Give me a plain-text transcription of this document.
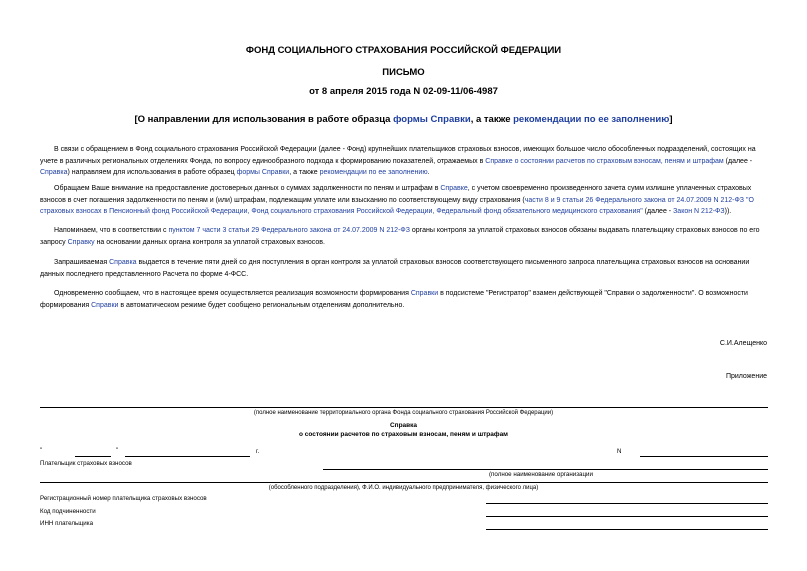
ФОНД СОЦИАЛЬНОГО СТРАХОВАНИЯ РОССИЙСКОЙ ФЕДЕРАЦИИ
ПИСЬМО
от 8 апреля 2015 года N 02-09-11/06-4987
[О направлении для использования в работе образца формы Справки, а также рекомендации по ее заполнению]
В связи с обращением в Фонд социального страхования Российской Федерации (далее - Фонд) крупнейших плательщиков страховых взносов, имеющих большое число обособленных подразделений, состоящих на учете в различных региональных отделениях Фонда, по вопросу единообразного подхода к формированию показателей, отражаемых в Справке о состоянии расчетов по страховым взносам, пеням и штрафам (далее - Справка) направляем для использования в работе образец формы Справки, а также рекомендации по ее заполнению.
Обращаем Ваше внимание на предоставление достоверных данных о суммах задолженности по пеням и штрафам в Справке, с учетом своевременно произведенного зачета сумм излишне уплаченных страховых взносов в счет погашения задолженности по пеням и (или) штрафам, подлежащим уплате или взысканию по соответствующему виду страхования (части 8 и 9 статьи 26 Федерального закона от 24.07.2009 N 212-ФЗ "О страховых взносах в Пенсионный фонд Российской Федерации, Фонд социального страхования Российской Федерации, Федеральный фонд обязательного медицинского страхования" (далее - Закон N 212-ФЗ)).
Напоминаем, что в соответствии с пунктом 7 части 3 статьи 29 Федерального закона от 24.07.2009 N 212-ФЗ органы контроля за уплатой страховых взносов обязаны выдавать плательщику страховых взносов по его запросу Справку на основании данных органа контроля за уплатой страховых взносов.
Запрашиваемая Справка выдается в течение пяти дней со дня поступления в орган контроля за уплатой страховых взносов соответствующего письменного запроса плательщика страховых взносов на основании данных последнего представленного Расчета по форме 4-ФСС.
Одновременно сообщаем, что в настоящее время осуществляется реализация возможности формирования Справки в подсистеме "Регистратор" взамен действующей "Справки о задолженности". О возможности формирования Справки в автоматическом режиме будет сообщено региональным отделениям дополнительно.
С.И.Алещенко
Приложение
(полное наименование территориального органа Фонда социального страхования Российской Федерации)
Справка
о состоянии расчетов по страховым взносам, пеням и штрафам
"	"	г.	N
Плательщик страховых взносов
(полное наименование организации
(обособленного подразделения), Ф.И.О. индивидуального предпринимателя, физического лица)
Регистрационный номер плательщика страховых взносов
Код подчиненности
ИНН плательщика
